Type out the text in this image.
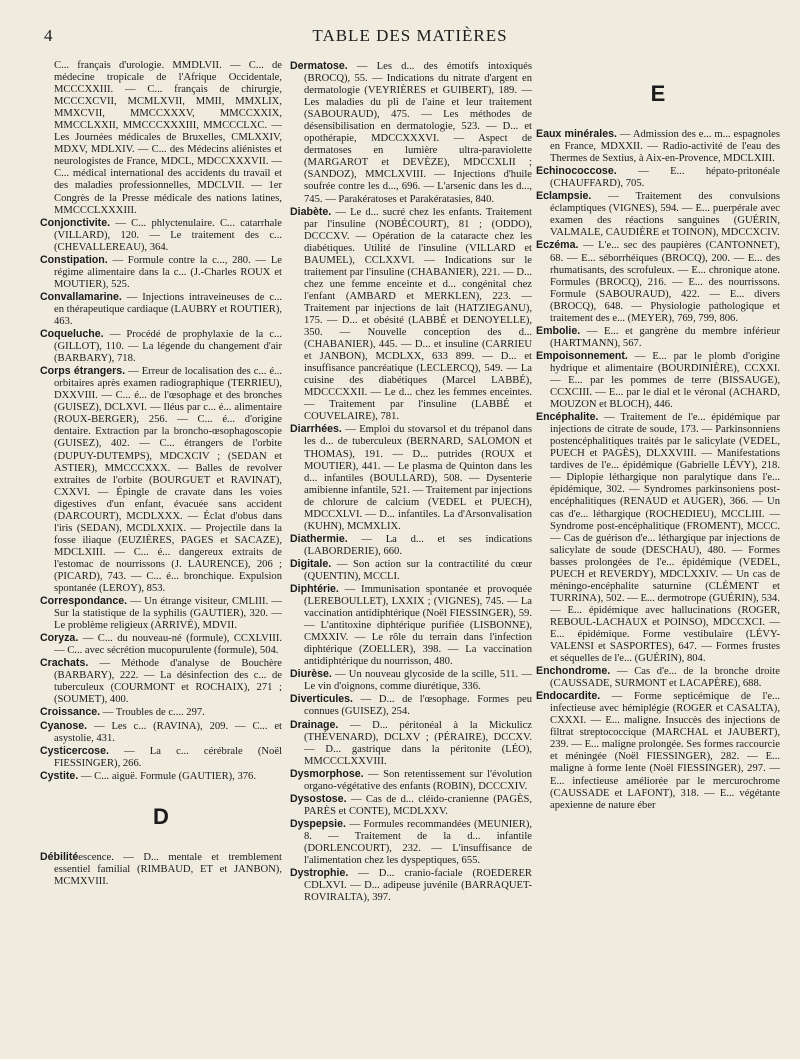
4	TABLE DES MATIÈRES
C... français d'urologie. MMDLVII. — C... de médecine tropicale de l'Afrique Occidentale, MCCCXXIII. — C... français de chirurgie, MCCCXCVII, MCMLXVII, MMII, MMXLIX, MMXCVII, MMCCXXXV, MMCCXXIX, MMCCLXXII, MMCCCXXXIII, MMCCCLXC. — Les Journées médicales de Bruxelles, CMLXXIV, MDXV, MDLXIV. — C... des Médecins aliénistes et neurologistes de France, MDCL, MDCCXXXVII. — C... médical international des accidents du travail et des maladies professionnelles, MDCLVII. — 1er Congrès de la Presse médicale des nations latines, MMCCCLXXXIII.
Conjonctivite. — C... phlyctenulaire. C... catarrhale (VILLARD), 120. — Le traitement des c... (CHEVALLEREAU), 364.
Constipation. — Formule contre la c..., 280. — Le régime alimentaire dans la c... (J.-Charles ROUX et MOUTIER), 525.
Convallamarine. — Injections intraveineuses de c... en thérapeutique cardiaque (LAUBRY et ROUTIER), 463.
Coqueluche. — Procédé de prophylaxie de la c... (GILLOT), 110. — La légende du changement d'air (BARBARY), 718.
Corps étrangers. — Erreur de localisation des c... é... orbitaires après examen radiographique (TERRIEU), DXXVIII. — C... é... de l'œsophage et des bronches (GUISEZ), DCLXVI. — Iléus par c... é... alimentaire (ROUX-BERGER), 256. — C... é... d'origine dentaire. Extraction par la broncho-œsophagoscopie (GUISEZ), 402. — C... étrangers de l'orbite (DUPUY-DUTEMPS), MDCXCIV ; (SEDAN et ASTIER), MMCCCXXX. — Balles de revolver extraites de l'orbite (BOURGUET et RAVINAT), CXXVI. — Épingle de cravate dans les voies digestives d'un enfant, évacuée sans accident (DARCOURT), MCDLXXX. — Éclat d'obus dans l'iris (SEDAN), MCDLXXIX. — Projectile dans la fosse iliaque (EUZIÈRES, PAGES et SACAZE), MDCLXIII. — C... é... dangereux extraits de l'estomac de nourrissons (J. LAURENCE), 206 ; (PICARD), 743. — C... é... bronchique. Expulsion spontanée (LEROY), 853.
Correspondance. — Un étrange visiteur, CMLIII. — Sur la statistique de la syphilis (GAUTIER), 320. — Le problème religieux (ARRIVÉ), MDVII.
Coryza. — C... du nouveau-né (formule), CCXLVIII. — C... avec sécrétion mucopurulente (formule), 504.
Crachats. — Méthode d'analyse de Bouchère (BARBARY), 222. — La désinfection des c... de tuberculeux (COURMONT et ROCHAIX), 271 ; (SOUMET), 400.
Croissance. — Troubles de c.... 297.
Cyanose. — Les c... (RAVINA), 209. — C... et asystolie, 431.
Cysticercose. — La c... cérébrale (Noël FIESSINGER), 266.
Cystite. — C... aiguë. Formule (GAUTIER), 376.
D
Débilitéescence. — D... mentale et tremblement essentiel familial (RIMBAUD, ET et JANBON), MCMXVIII.
Dermatose. — Les d... des émotifs intoxiqués (BROCQ), 55. — Indications du nitrate d'argent en dermatologie (VEYRIÈRES et GUIBERT), 189. — Les maladies du pli de l'aine et leur traitement (SABOURAUD), 475. — Les méthodes de désensibilisation en dermatologie, 523. — D... et opothérapie, MDCCXXXVI. — Aspect de dermatoses en lumière ultra-paraviolette (MARGAROT et DEVÈZE), MDCCXLII ; (SANDOZ), MMCLXVIII. — Injections d'huile soufrée contre les d..., 696. — L'arsenic dans les d..., 745. — Parakératoses et Parakératasies, 840.
Diabète. — Le d... sucré chez les enfants. Traitement par l'insuline (NOBÉCOURT), 81 ; (ODDO), DCCCXV. — Opération de la cataracte chez les diabétiques. Utilité de l'insuline (VILLARD et BAUMEL), CCLXXVI. — Indications sur le traitement par l'insuline (CHABANIER), 221. — D... chez une femme enceinte et d... congénital chez l'enfant (AMBARD et MERKLEN), 223. — Traitement par injections de lait (HATZIEGANU), 175. — D... et obésité (LABBÉ et DENOYELLE), 350. — Nouvelle conception des d... (CHABANIER), 445. — D... et insuline (CARRIEU et JANBON), MCDLXX, 633 899. — D... et insuffisance pancréatique (LECLERCQ), 549. — La cuisine des diabétiques (Marcel LABBÉ), MDCCCXXII. — Le d... chez les femmes enceintes. — Traitement par l'insuline (LABBÉ et COUVELAIRE), 781.
Diarrhées. — Emploi du stovarsol et du trépanol dans les d... de tuberculeux (BERNARD, SALOMON et THOMAS), 191. — D... putrides (ROUX et MOUTIER), 441. — Le plasma de Quinton dans les d... infantiles (BOULLARD), 508. — Dysenterie amibienne infantile, 521. — Traitement par injections de chlorure de calcium (VEDEL et PUECH), MDCCXLVI. — D... infantiles. La d'Arsonvalisation (KUHN), MCMXLIX.
Diathermie. — La d... et ses indications (LABORDERIE), 660.
Digitale. — Son action sur la contractilité du cœur (QUENTIN), MCCLI.
Diphtérie. — Immunisation spontanée et provoquée (LEREBOULLET), LXXIX ; (VIGNES), 745. — La vaccination antidiphtérique (Noël FIESSINGER), 59. — L'antitoxine diphtérique purifiée (LISBONNE), CMXXIV. — Le rôle du terrain dans l'infection diphtérique (ZOELLER), 398. — La vaccination antidiphtérique du nourrisson, 480.
Diurèse. — Un nouveau glycoside de la scille, 511. — Le vin d'oignons, comme diurétique, 336.
Diverticules. — D... de l'œsophage. Formes peu connues (GUISEZ), 254.
Drainage. — D... péritonéal à la Mickulicz (THÉVENARD), DCLXV ; (PÉRAIRE), DCCXV. — D... gastrique dans la péritonite (LÉO), MMCCCLXXVIII.
Dysmorphose. — Son retentissement sur l'évolution organo-végétative des enfants (ROBIN), DCCCXIV.
Dysostose. — Cas de d... cléido-cranienne (PAGÈS, PARÈS et CONTE), MCDLXXV.
Dyspepsie. — Formules recommandées (MEUNIER), 8. — Traitement de la d... infantile (DORLENCOURT), 232. — L'insuffisance de l'alimentation chez les dyspeptiques, 655.
Dystrophie. — D... cranio-faciale (ROEDERER CDLXVI. — D... adipeuse juvénile (BARRAQUET-ROVIRALTA), 397.
E
Eaux minérales. — Admission des e... m... espagnoles en France, MDXXII. — Radio-activité de l'eau des Thermes de Sextius, à Aix-en-Provence, MDCLXIII.
Echinococcose. — E... hépato-pritonéale (CHAUFFARD), 705.
Eclampsie. — Traitement des convulsions éclamptiques (VIGNES), 594. — E... puerpérale avec examen des réactions sanguines (GUÉRIN, VALMALE, CAUDIÈRE et TOINON), MDCCXCIV.
Eczéma. — L'e... sec des paupières (CANTONNET), 68. — E... séborrhéiques (BROCQ), 200. — E... des rhumatisants, des scrofuleux. — E... chronique atone. Formules (BROCQ), 216. — E... des nourrissons. Formule (SABOURAUD), 422. — E... divers (BROCQ), 648. — Physiologie pathologique et traitement des e... (MEYER), 769, 799, 806.
Embolie. — E... et gangrène du membre inférieur (HARTMANN), 567.
Empoisonnement. — E... par le plomb d'origine hydrique et alimentaire (BOURDINIÈRE), CCXXI. — E... par les pommes de terre (BISSAUGE), CCXCIII. — E... par le dial et le véronal (ACHARD, MOUZON et BLOCH), 446.
Encéphalite. — Traitement de l'e... épidémique par injections de citrate de soude, 173. — Parkinsonniens postencéphalitiques traités par le salicylate (VEDEL, PUECH et PAGÈS), DLXXVIII. — Manifestations tardives de l'e... épidémique (Gabrielle LÉVY), 218. — Diplopie léthargique non paralytique dans l'e... épidémique, 302. — Syndromes parkinsoniens post-encéphalitiques (RENAUD et AUGER), 366. — Un cas d'e... léthargique (ROCHEDIEU), MCCLIII. — Syndrome post-encéphalitique (FROMENT), MCCC. — Cas de guérison d'e... léthargique par injections de salicylate de soude (DESCHAU), 480. — Formes basses prolongées de l'e... épidémique (VEDEL, PUECH et REVERDY), MDCLXXIV. — Un cas de méningo-encéphalite saturnine (CLÉMENT et TURRINA), 502. — E... dermotrope (GUÉRIN), 534. — E... épidémique avec hallucinations (ROGER, REBOUL-LACHAUX et POINSO), MDCCXCI. — E... épidémique. Forme vestibulaire (LÉVY-VALENSI et SASPORTES), 647. — Formes frustes et séquelles de l'e... (GUÉRIN), 804.
Enchondrome. — Cas d'e... de la bronche droite (CAUSSADE, SURMONT et LACAPÈRE), 688.
Endocardite. — Forme septicémique de l'e... infectieuse avec hémiplégie (ROGER et CASALTA), CXXXI. — E... maligne. Insuccès des injections de filtrat streptococcique (MARCHAL et JAUBERT), 239. — E... maligne prolongée. Ses formes raccourcie et méningée (Noël FIESSINGER), 282. — E... maligne à forme lente (Noël FIESSINGER), 297. — E... infectieuse améliorée par le mercurochrome (CAUSSADE et LAFONT), 318. — E... végétante apexienne de nature éber
